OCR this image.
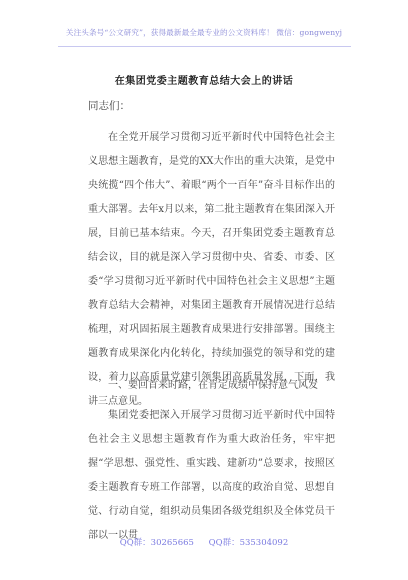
关注头条号“公文研究”，获得最新最全最专业的公文资料库！ 微信：gongwenyj
在集团党委主题教育总结大会上的讲话
同志们：

在全党开展学习贯彻习近平新时代中国特色社会主义思想主题教育，是党的XX大作出的重大决策，是党中央统揽“四个伟大”、着眼“两个一百年”奋斗目标作出的重大部署。去年x月以来，第二批主题教育在集团深入开展，目前已基本结束。今天，召开集团党委主题教育总结会议，目的就是深入学习贯彻中央、省委、市委、区委“学习贯彻习近平新时代中国特色社会主义思想”主题教育总结大会精神，对集团主题教育开展情况进行总结梳理，对巩固拓展主题教育成果进行安排部署。围绕主题教育成果深化内化转化，持续加强党的领导和党的建设，着力以高质量党建引领集团高质量发展，下面，我讲三点意见。

一、要回首来时路，在肯定成绩中保持意气风发

集团党委把深入开展学习贯彻习近平新时代中国特色社会主义思想主题教育作为重大政治任务，牢牢把握“学思想、强党性、重实践、建新功”总要求，按照区委主题教育专班工作部署，以高度的政治自觉、思想自觉、行动自觉，组织动员集团各级党组织及全体党员干部以一以贯

QQ群：30265665 QQ群：535304092
